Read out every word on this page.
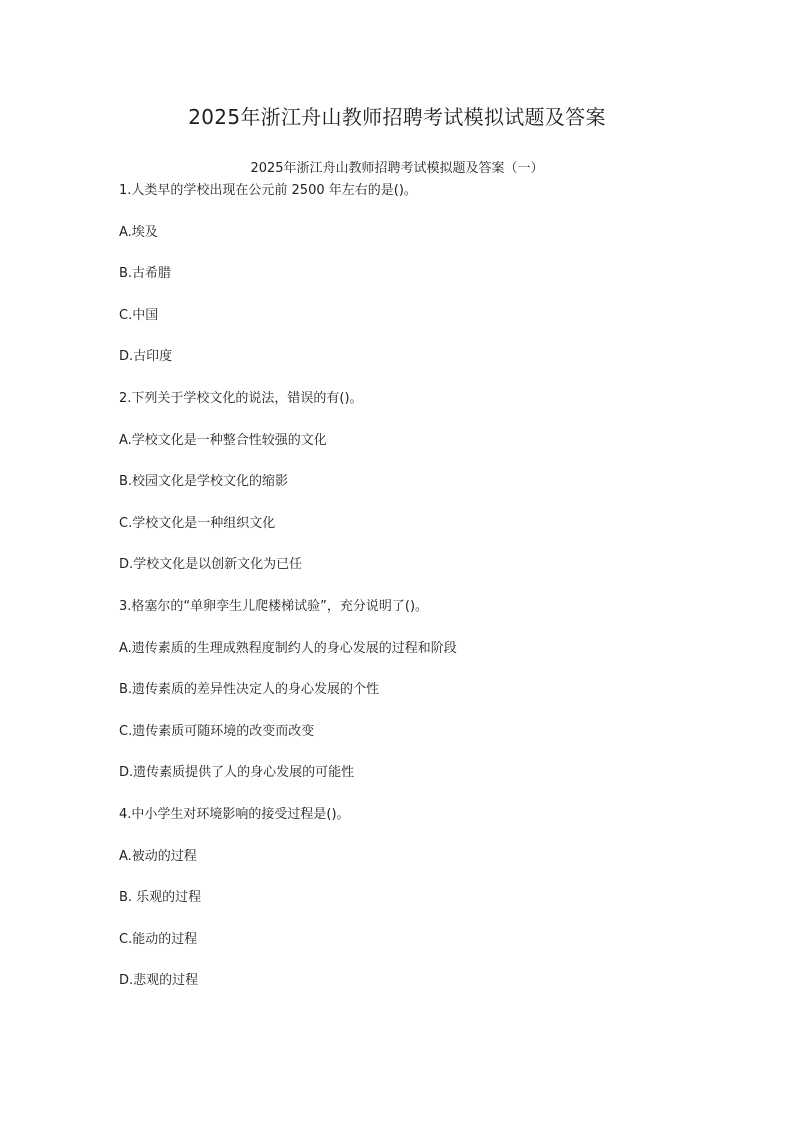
2025年浙江舟山教师招聘考试模拟试题及答案
2025年浙江舟山教师招聘考试模拟题及答案（一）
1.人类早的学校出现在公元前 2500 年左右的是()。
A.埃及
B.古希腊
C.中国
D.古印度
2.下列关于学校文化的说法，错误的有()。
A.学校文化是一种整合性较强的文化
B.校园文化是学校文化的缩影
C.学校文化是一种组织文化
D.学校文化是以创新文化为已任
3.格塞尔的“单卵孪生儿爬楼梯试验”，充分说明了()。
A.遗传素质的生理成熟程度制约人的身心发展的过程和阶段
B.遗传素质的差异性决定人的身心发展的个性
C.遗传素质可随环境的改变而改变
D.遗传素质提供了人的身心发展的可能性
4.中小学生对环境影响的接受过程是()。
A.被动的过程
B. 乐观的过程
C.能动的过程
D.悲观的过程
